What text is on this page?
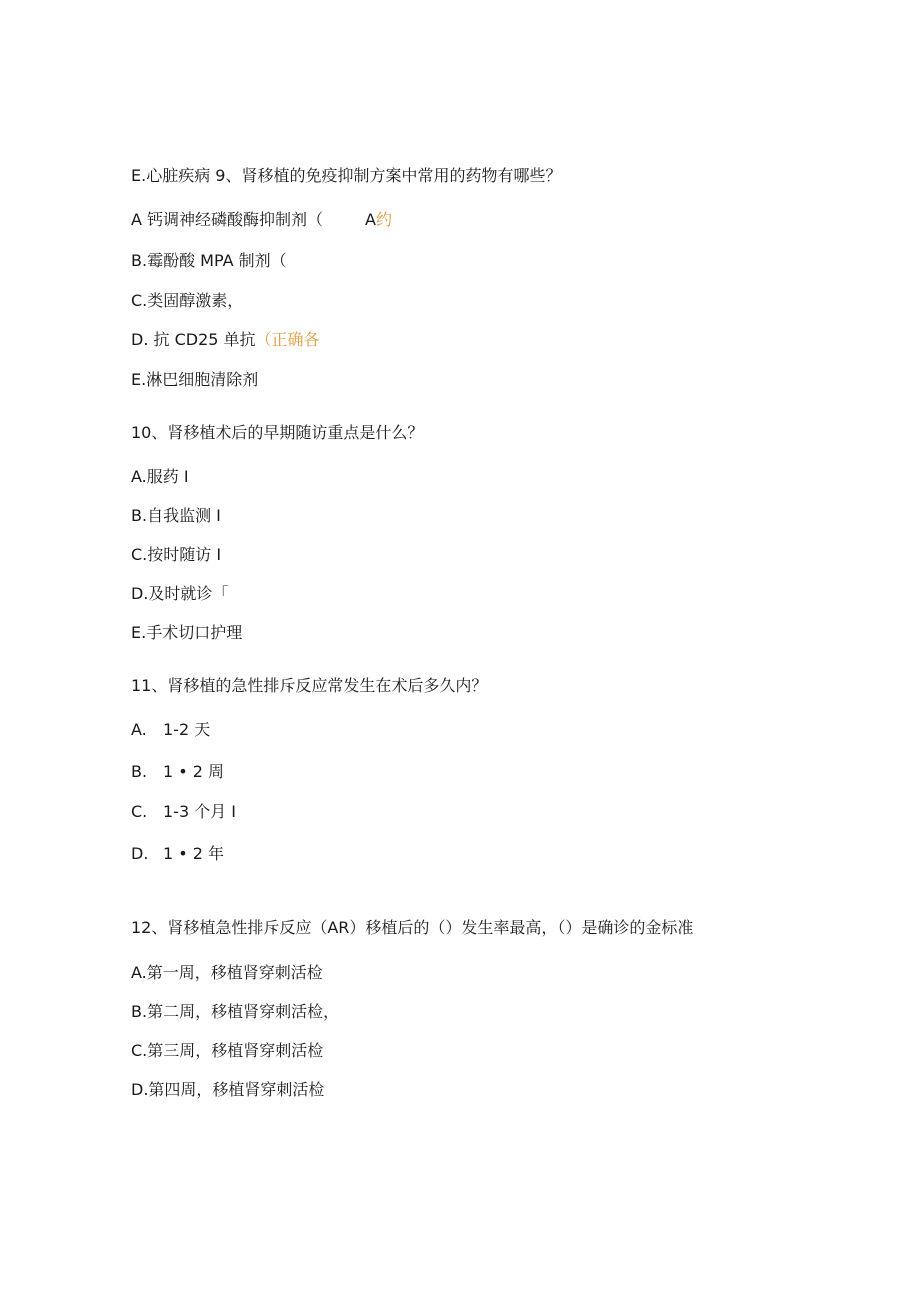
E.心脏疾病 9、肾移植的免疫抑制方案中常用的药物有哪些？
A 钙调神经磷酸酶抑制剂（	A约
B.霉酚酸 MPA 制剂（
C.类固醇激素，
D. 抗 CD25 单抗（正确各
E.淋巴细胞清除剂
10、肾移植术后的早期随访重点是什么？
A.服药 I
B.自我监测 I
C.按时随访 I
D.及时就诊「
E.手术切口护理
11、肾移植的急性排斥反应常发生在术后多久内？
A. 1-2 天
B. 1 • 2 周
C. 1-3 个月 I
D. 1 • 2 年
12、肾移植急性排斥反应（AR）移植后的（）发生率最高，（）是确诊的金标准
A.第一周，移植肾穿刺活检
B.第二周，移植肾穿刺活检，
C.第三周，移植肾穿刺活检
D.第四周，移植肾穿刺活检
